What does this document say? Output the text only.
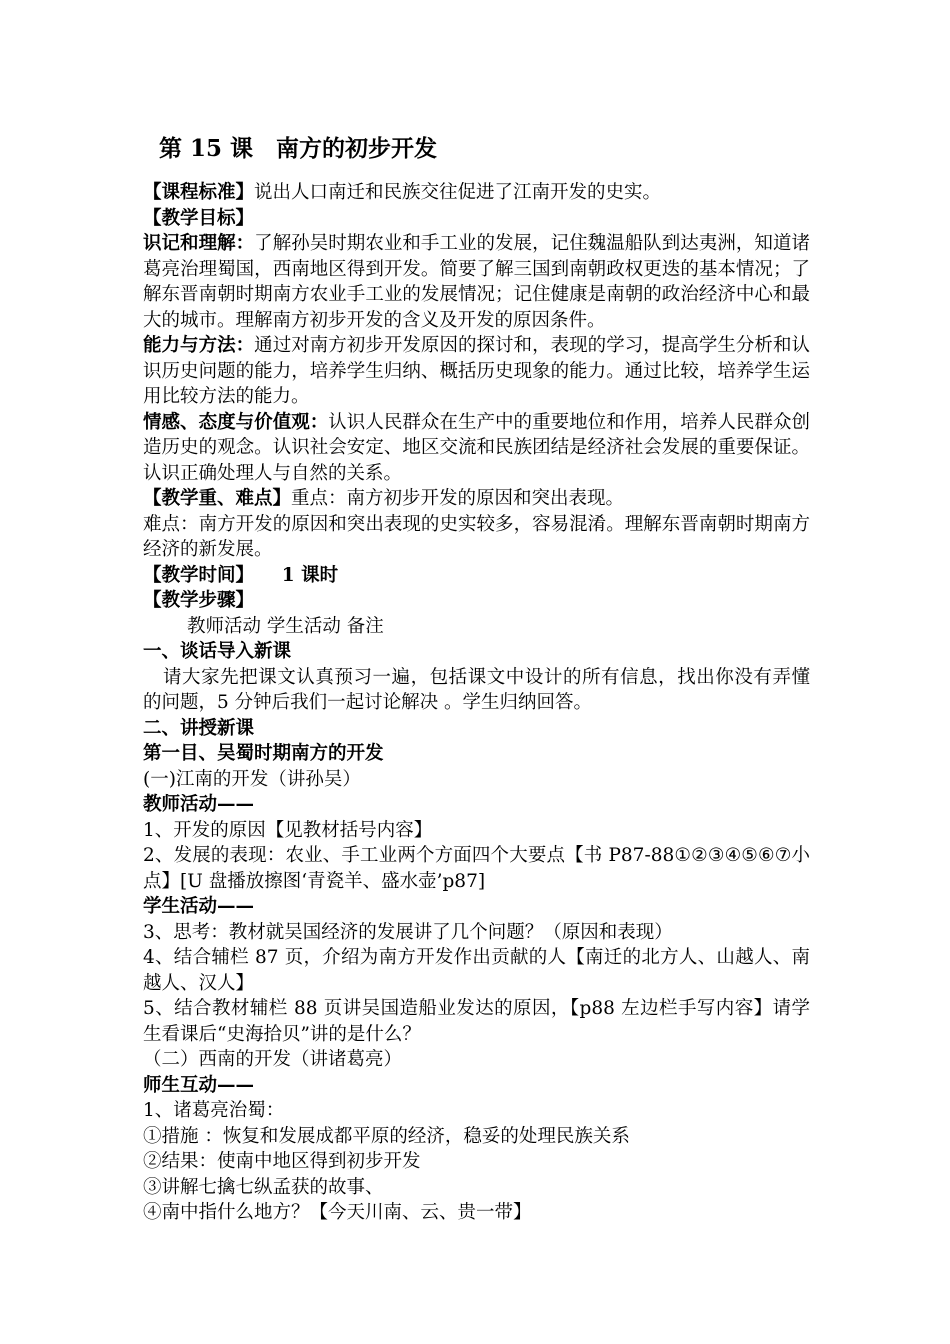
第 15 课　南方的初步开发

【课程标准】说出人口南迁和民族交往促进了江南开发的史实。

【教学目标】

识记和理解：了解孙吴时期农业和手工业的发展，记住魏温船队到达夷洲，知道诸葛亮治理蜀国，西南地区得到开发。简要了解三国到南朝政权更迭的基本情况；了解东晋南朝时期南方农业手工业的发展情况；记住健康是南朝的政治经济中心和最大的城市。理解南方初步开发的含义及开发的原因条件。

能力与方法：通过对南方初步开发原因的探讨和，表现的学习，提高学生分析和认识历史问题的能力，培养学生归纳、概括历史现象的能力。通过比较，培养学生运用比较方法的能力。

情感、态度与价值观：认识人民群众在生产中的重要地位和作用，培养人民群众创造历史的观念。认识社会安定、地区交流和民族团结是经济社会发展的重要保证。认识正确处理人与自然的关系。

【教学重、难点】重点：南方初步开发的原因和突出表现。

难点：南方开发的原因和突出表现的史实较多，容易混淆。理解东晋南朝时期南方经济的新发展。

【教学时间】　　1 课时

【教学步骤】

教师活动 学生活动 备注

一、谈话导入新课

请大家先把课文认真预习一遍，包括课文中设计的所有信息，找出你没有弄懂的问题，5 分钟后我们一起讨论解决 。学生归纳回答。

二、讲授新课

第一目、吴蜀时期南方的开发

(一)江南的开发（讲孙吴）

教师活动——

1、开发的原因【见教材括号内容】

2、发展的表现：农业、手工业两个方面四个大要点【书 P87-88①②③④⑤⑥⑦小点】[U 盘播放擦图‘青瓷羊、盛水壶’p87]

学生活动——

3、思考：教材就吴国经济的发展讲了几个问题？（原因和表现）

4、结合辅栏 87 页，介绍为南方开发作出贡献的人【南迁的北方人、山越人、南越人、汉人】

5、结合教材辅栏 88 页讲吴国造船业发达的原因，【p88 左边栏手写内容】请学生看课后“史海拾贝”讲的是什么？

（二）西南的开发（讲诸葛亮）

师生互动——

1、诸葛亮治蜀：

①措施 ：恢复和发展成都平原的经济，稳妥的处理民族关系

②结果：使南中地区得到初步开发

③讲解七擒七纵孟获的故事、

④南中指什么地方？【今天川南、云、贵一带】
